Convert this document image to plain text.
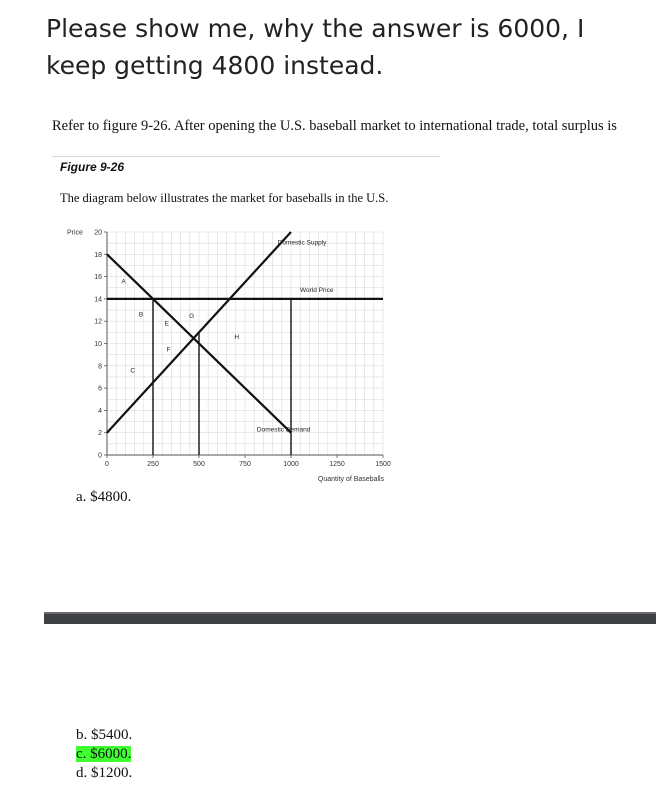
Please show me, why the answer is 6000, I keep getting 4800 instead.

Refer to figure 9-26. After opening the U.S. baseball market to international trade, total surplus is
Figure 9-26
The diagram below illustrates the market for baseballs in the U.S.
0
2
4
6
8
10
12
14
16
18
20
Price
0	250	500	750	1000	1250	1500
Quantity of Baseballs
A
B
E
G
H
F
C
Domestic Supply
World Price
Domestic Demand
a. $4800.
b. $5400.
c. $6000.
d. $1200.
